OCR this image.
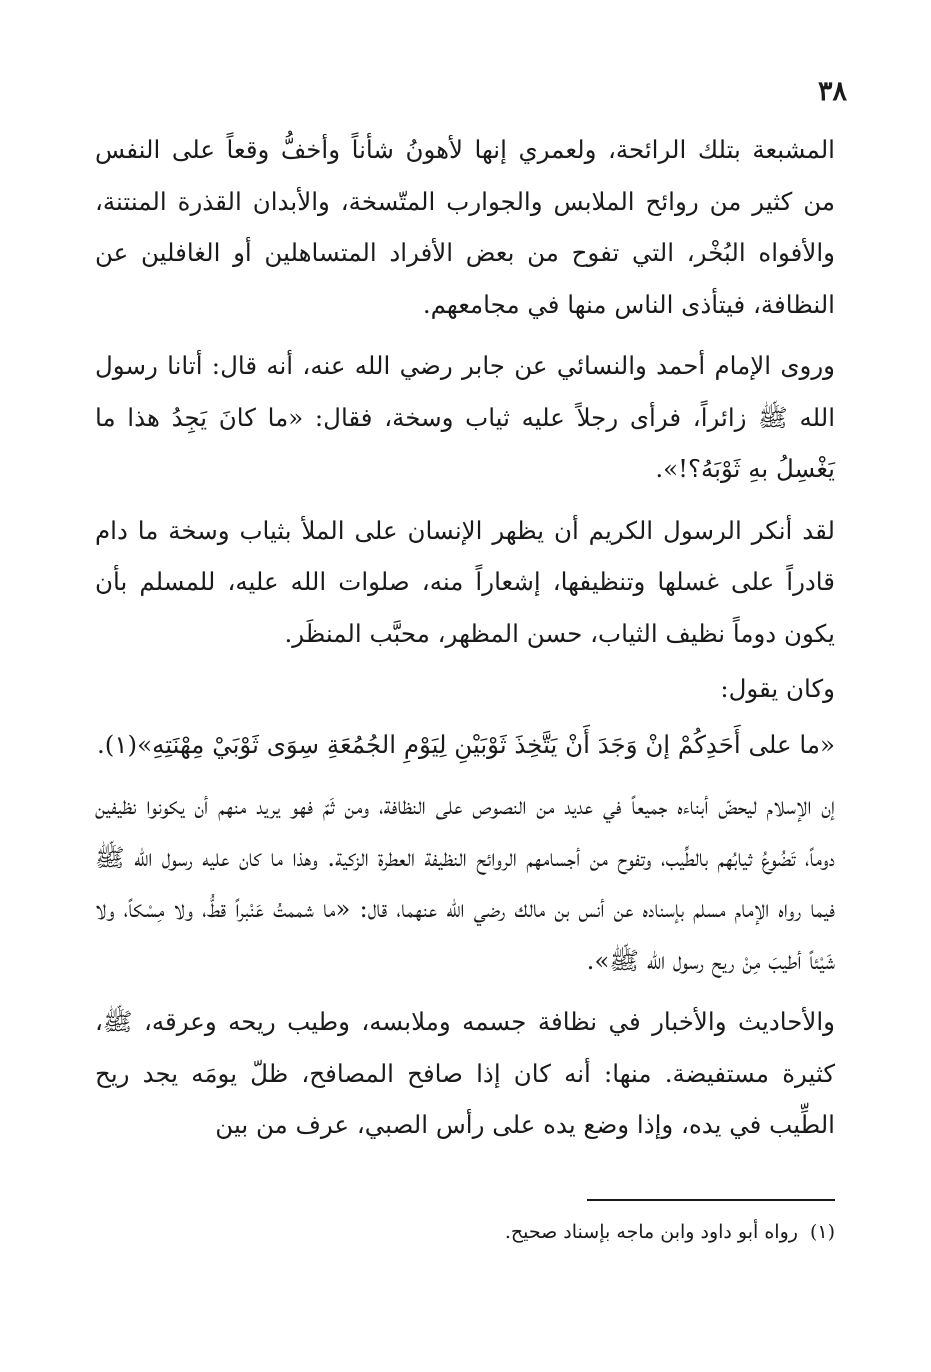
٣٨

المشبعة بتلك الرائحة، ولعمري إنها لأهونُ شأناً وأخفُّ وقعاً على النفس من كثير من روائح الملابس والجوارب المتّسخة، والأبدان القذرة المنتنة، والأفواه البُخْر، التي تفوح من بعض الأفراد المتساهلين أو الغافلين عن النظافة، فيتأذى الناس منها في مجامعهم.

وروى الإمام أحمد والنسائي عن جابر رضي الله عنه، أنه قال: أتانا رسول الله ﷺ زائراً، فرأى رجلاً عليه ثياب وسخة، فقال: «ما كانَ يَجِدُ هذا ما يَغْسِلُ بهِ ثَوْبَهُ؟!».

لقد أنكر الرسول الكريم أن يظهر الإنسان على الملأ بثياب وسخة ما دام قادراً على غسلها وتنظيفها، إشعاراً منه، صلوات الله عليه، للمسلم بأن يكون دوماً نظيف الثياب، حسن المظهر، محبَّب المنظَر.

وكان يقول:

«ما على أَحَدِكُمْ إنْ وَجَدَ أَنْ يَتَّخِذَ ثَوْبَيْنِ لِيَوْمِ الجُمُعَةِ سِوَى ثَوْبَيْ مِهْنَتِهِ»(١).

إن الإسلام ليحضّ أبناءه جميعاً في عديد من النصوص على النظافة، ومن ثَمّ فهو يريد منهم أن يكونوا نظيفين دوماً، تَضُوعُ ثيابُهم بالطِّيب، وتفوح من أجسامهم الروائح النظيفة العطرة الزكية. وهذا ما كان عليه رسول الله ﷺ فيما رواه الإمام مسلم بإسناده عن أنس بن مالك رضي الله عنهما، قال: «ما شممتُ عَنْبراً قطُّ، ولا مِسْكاً، ولا شَيْئاً أطيبَ مِنْ ريح رسول الله ﷺ».

والأحاديث والأخبار في نظافة جسمه وملابسه، وطيب ريحه وعرقه، ﷺ، كثيرة مستفيضة. منها: أنه كان إذا صافح المصافح، ظلّ يومَه يجد ريح الطِّيب في يده، وإذا وضع يده على رأس الصبي، عرف من بين

(١)رواه أبو داود وابن ماجه بإسناد صحيح.
